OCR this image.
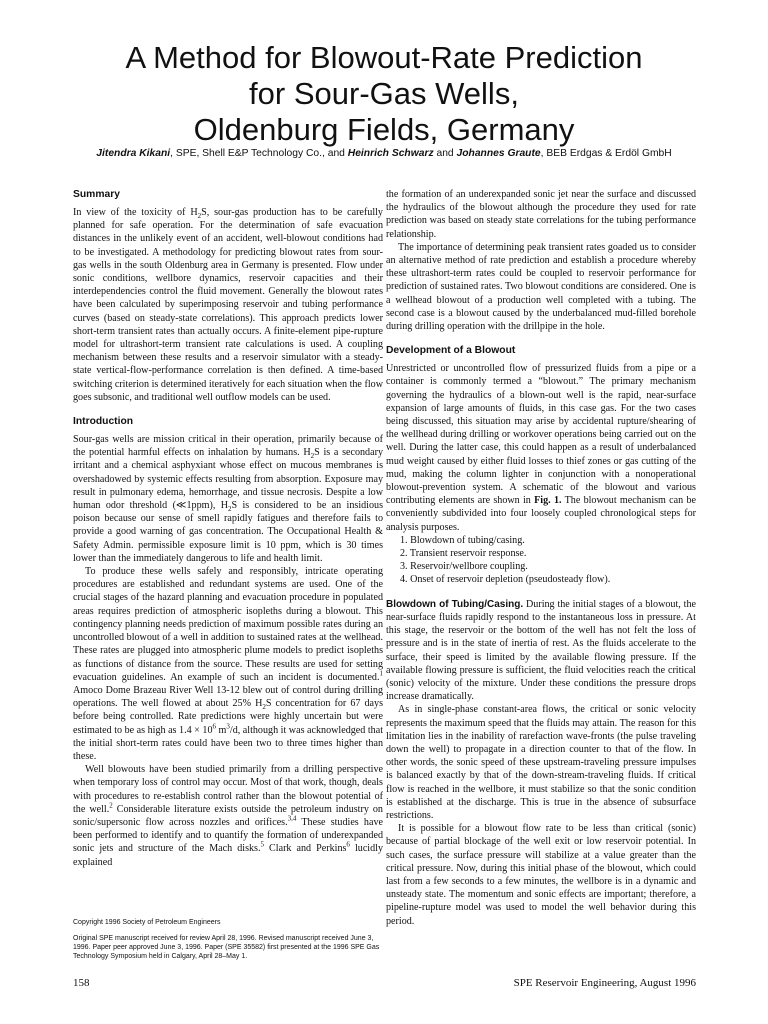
A Method for Blowout-Rate Prediction
for Sour-Gas Wells,
Oldenburg Fields, Germany

Jitendra Kikani, SPE, Shell E&P Technology Co., and Heinrich Schwarz and Johannes Graute, BEB Erdgas & Erdöl GmbH

Summary

In view of the toxicity of $H_2S$, sour-gas production has to be carefully planned for safe operation. For the determination of safe evacuation distances in the unlikely event of an accident, well-blowout conditions had to be investigated. A methodology for predicting blowout rates from sour-gas wells in the south Oldenburg area in Germany is presented. Flow under sonic conditions, wellbore dynamics, reservoir capacities and their interdependencies control the fluid movement. Generally the blowout rates have been calculated by superimposing reservoir and tubing performance curves (based on steady-state correlations). This approach predicts lower short-term transient rates than actually occurs. A finite-element pipe-rupture model for ultrashort-term transient rate calculations is used. A coupling mechanism between these results and a reservoir simulator with a steady-state vertical-flow-performance correlation is then defined. A time-based switching criterion is determined iteratively for each situation when the flow goes subsonic, and traditional well outflow models can be used.

Introduction

Sour-gas wells are mission critical in their operation, primarily because of the potential harmful effects on inhalation by humans. $H_2S$ is a secondary irritant and a chemical asphyxiant whose effect on mucous membranes is overshadowed by systemic effects resulting from absorption. Exposure may result in pulmonary edema, hemorrhage, and tissue necrosis. Despite a low human odor threshold (≪1ppm), $H_2S$ is considered to be an insidious poison because our sense of smell rapidly fatigues and therefore fails to provide a good warning of gas concentration. The Occupational Health & Safety Admin. permissible exposure limit is 10 ppm, which is 30 times lower than the immediately dangerous to life and health limit.

To produce these wells safely and responsibly, intricate operating procedures are established and redundant systems are used. One of the crucial stages of the hazard planning and evacuation procedure in populated areas requires prediction of atmospheric isopleths during a blowout. This contingency planning needs prediction of maximum possible rates during an uncontrolled blowout of a well in addition to sustained rates at the wellhead. These rates are plugged into atmospheric plume models to predict isopleths as functions of distance from the source. These results are used for setting evacuation guidelines. An example of such an incident is documented.$^1$ Amoco Dome Brazeau River Well 13-12 blew out of control during drilling operations. The well flowed at about 25% $H_2S$ concentration for 67 days before being controlled. Rate predictions were highly uncertain but were estimated to be as high as $1.4 \times 10^6$ $m^3/d$, although it was acknowledged that the initial short-term rates could have been two to three times higher than these.

Well blowouts have been studied primarily from a drilling perspective when temporary loss of control may occur. Most of that work, though, deals with procedures to re-establish control rather than the blowout potential of the well.$^2$ Considerable literature exists outside the petroleum industry on sonic/supersonic flow across nozzles and orifices.$^{3,4}$ These studies have been performed to identify and to quantify the formation of underexpanded sonic jets and structure of the Mach disks.$^5$ Clark and Perkins$^6$ lucidly explained

the formation of an underexpanded sonic jet near the surface and discussed the hydraulics of the blowout although the procedure they used for rate prediction was based on steady state correlations for the tubing performance relationship.

The importance of determining peak transient rates goaded us to consider an alternative method of rate prediction and establish a procedure whereby these ultrashort-term rates could be coupled to reservoir performance for prediction of sustained rates. Two blowout conditions are considered. One is a wellhead blowout of a production well completed with a tubing. The second case is a blowout caused by the underbalanced mud-filled borehole during drilling operation with the drillpipe in the hole.

Development of a Blowout

Unrestricted or uncontrolled flow of pressurized fluids from a pipe or a container is commonly termed a “blowout.” The primary mechanism governing the hydraulics of a blown-out well is the rapid, near-surface expansion of large amounts of fluids, in this case gas. For the two cases being discussed, this situation may arise by accidental rupture/shearing of the wellhead during drilling or workover operations being carried out on the well. During the latter case, this could happen as a result of underbalanced mud weight caused by either fluid losses to thief zones or gas cutting of the mud, making the column lighter in conjunction with a nonoperational blowout-prevention system. A schematic of the blowout and various contributing elements are shown in Fig. 1. The blowout mechanism can be conveniently subdivided into four loosely coupled chronological steps for analysis purposes.

1. Blowdown of tubing/casing.
2. Transient reservoir response.
3. Reservoir/wellbore coupling.
4. Onset of reservoir depletion (pseudosteady flow).

Blowdown of Tubing/Casing. During the initial stages of a blowout, the near-surface fluids rapidly respond to the instantaneous loss in pressure. At this stage, the reservoir or the bottom of the well has not felt the loss of pressure and is in the state of inertia of rest. As the fluids accelerate to the surface, their speed is limited by the available flowing pressure. If the available flowing pressure is sufficient, the fluid velocities reach the critical (sonic) velocity of the mixture. Under these conditions the pressure drops increase dramatically.

As in single-phase constant-area flows, the critical or sonic velocity represents the maximum speed that the fluids may attain. The reason for this limitation lies in the inability of rarefaction wave-fronts (the pulse traveling down the well) to propagate in a direction counter to that of the flow. In other words, the sonic speed of these upstream-traveling pressure impulses is balanced exactly by that of the down-stream-traveling fluids. If critical flow is reached in the wellbore, it must stabilize so that the sonic condition is established at the discharge. This is true in the absence of subsurface restrictions.

It is possible for a blowout flow rate to be less than critical (sonic) because of partial blockage of the well exit or low reservoir potential. In such cases, the surface pressure will stabilize at a value greater than the critical pressure. Now, during this initial phase of the blowout, which could last from a few seconds to a few minutes, the wellbore is in a dynamic and unsteady state. The momentum and sonic effects are important; therefore, a pipeline-rupture model was used to model the well behavior during this period.

Copyright 1996 Society of Petroleum Engineers

Original SPE manuscript received for review April 28, 1996. Revised manuscript received June 3, 1996. Paper peer approved June 3, 1996. Paper (SPE 35582) first presented at the 1996 SPE Gas Technology Symposium held in Calgary, April 28–May 1.

158	SPE Reservoir Engineering, August 1996
